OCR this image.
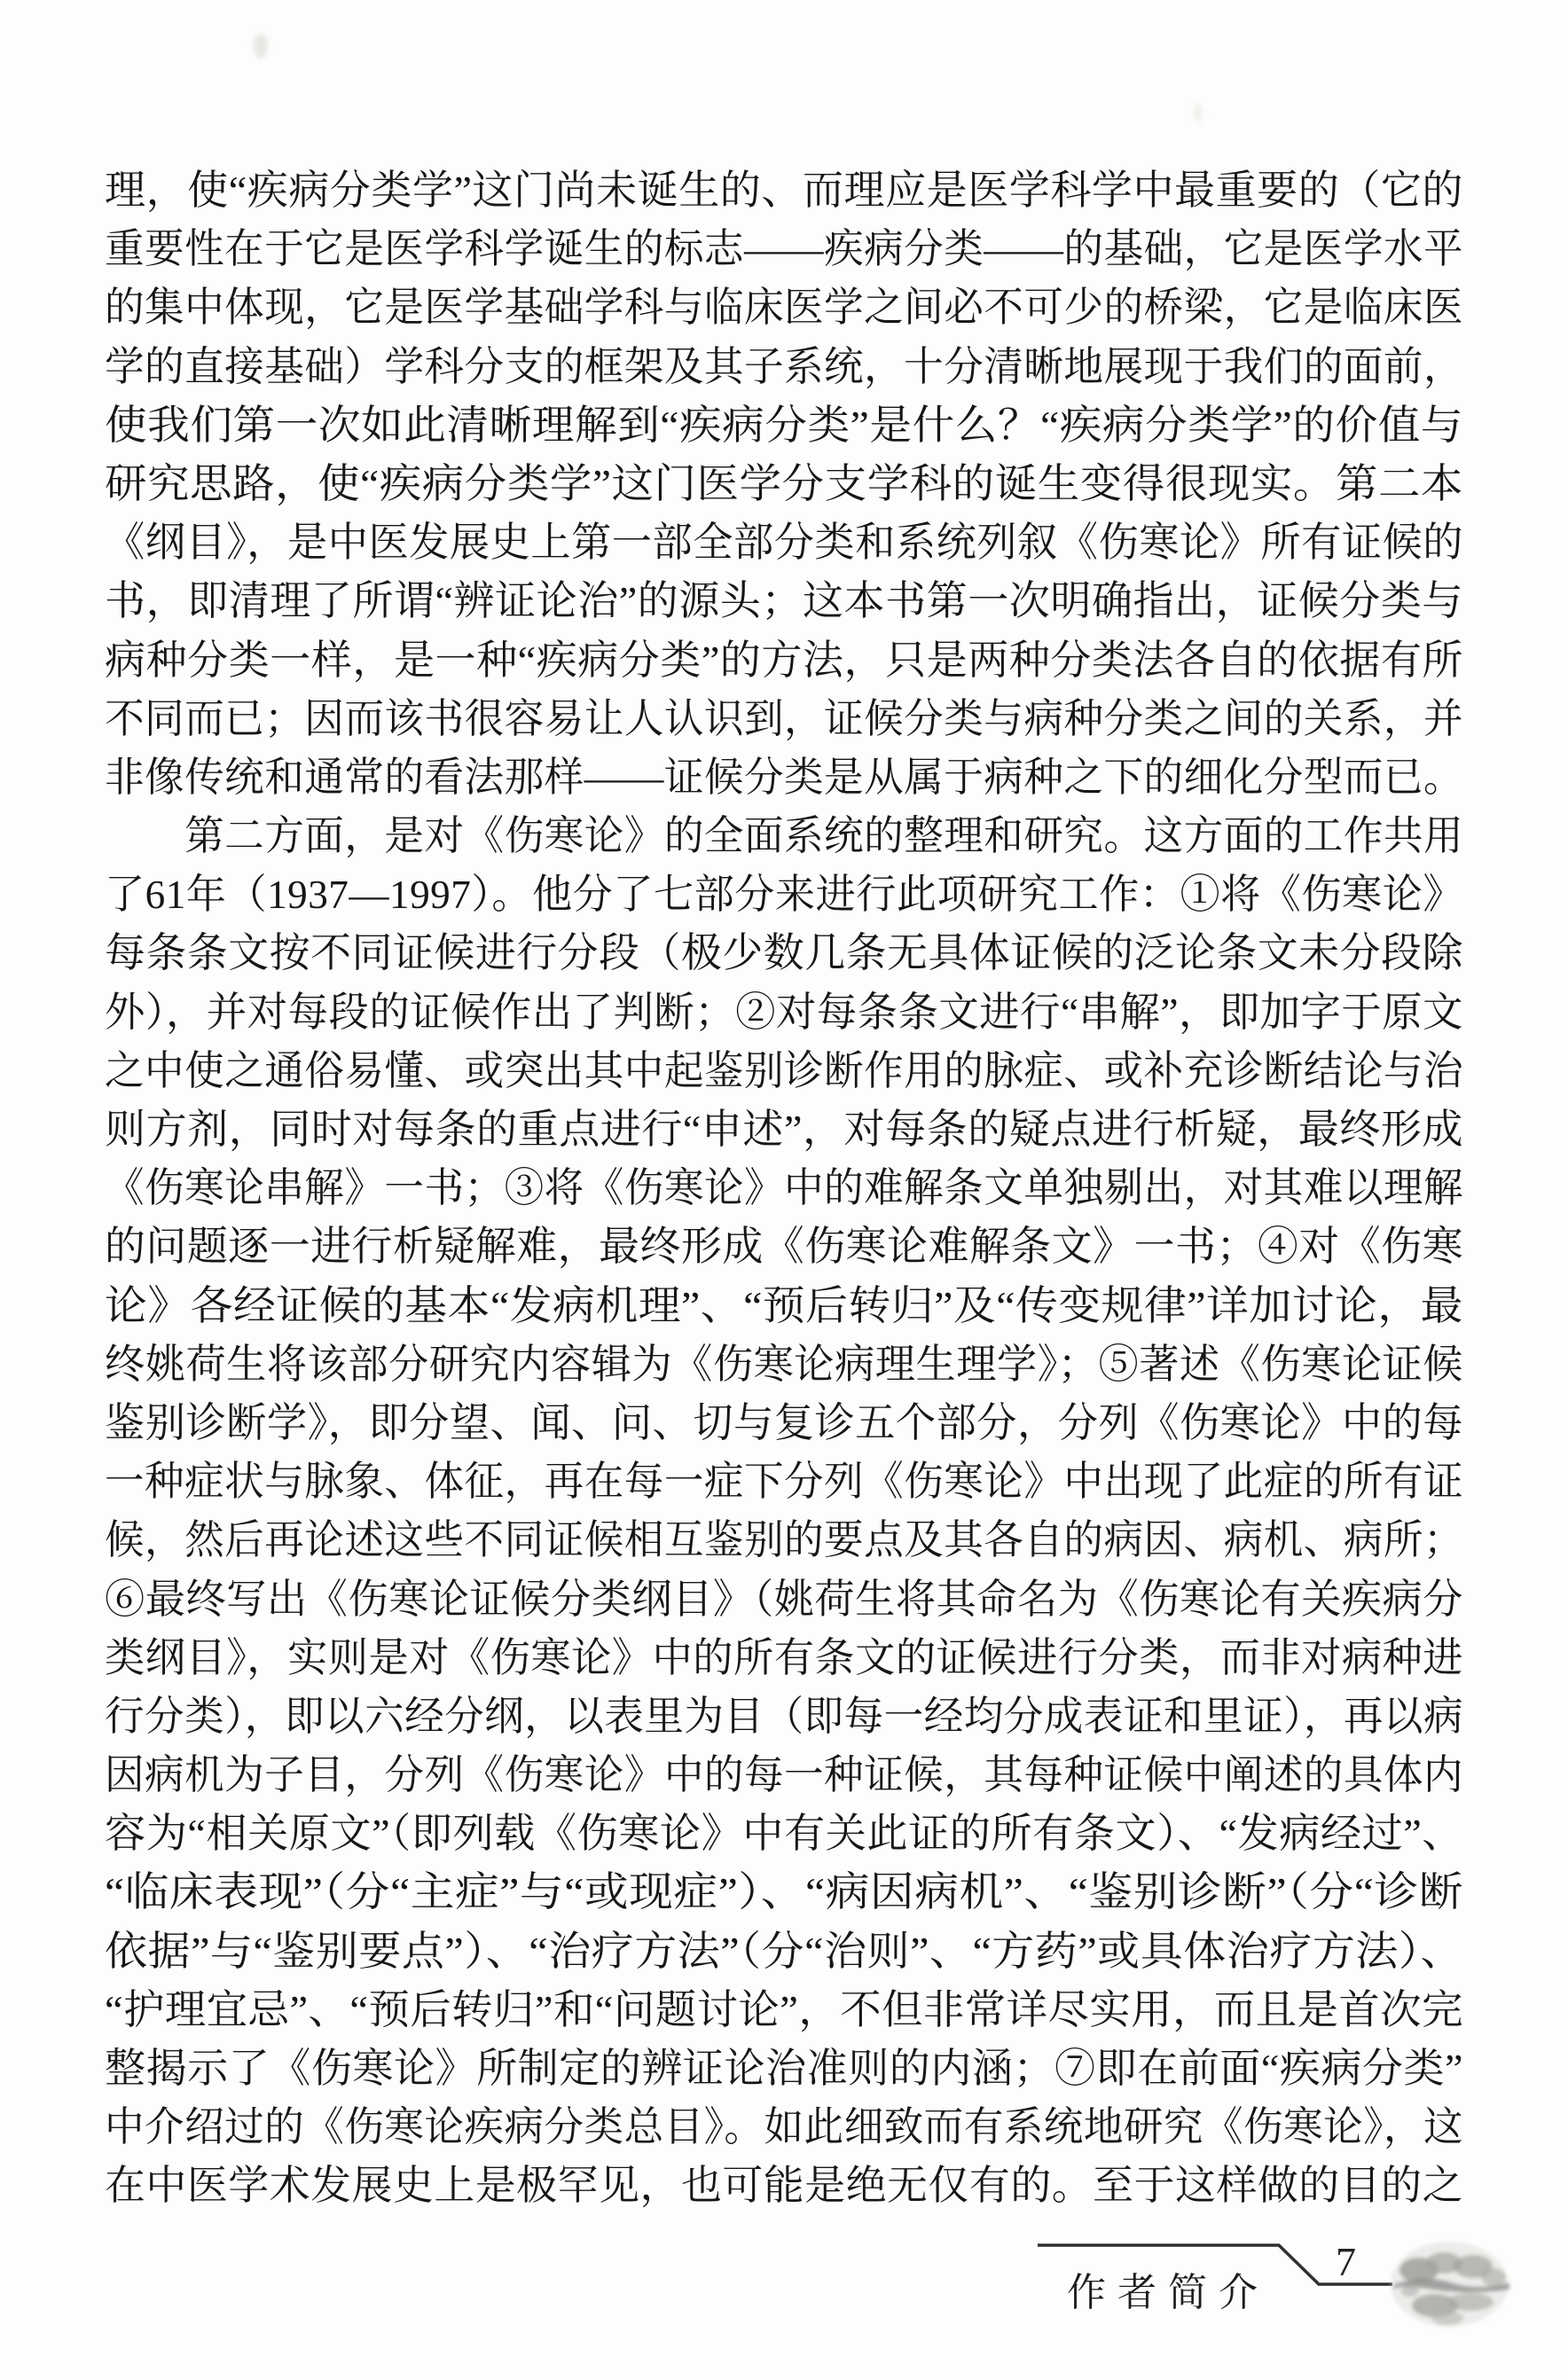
理，使“疾病分类学”这门尚未诞生的、而理应是医学科学中最重要的（它的
重要性在于它是医学科学诞生的标志——疾病分类——的基础，它是医学水平
的集中体现，它是医学基础学科与临床医学之间必不可少的桥梁，它是临床医
学的直接基础）学科分支的框架及其子系统，十分清晰地展现于我们的面前，
使我们第一次如此清晰理解到“疾病分类”是什么？“疾病分类学”的价值与
研究思路，使“疾病分类学”这门医学分支学科的诞生变得很现实。第二本
《纲目》，是中医发展史上第一部全部分类和系统列叙《伤寒论》所有证候的
书，即清理了所谓“辨证论治”的源头；这本书第一次明确指出，证候分类与
病种分类一样，是一种“疾病分类”的方法，只是两种分类法各自的依据有所
不同而已；因而该书很容易让人认识到，证候分类与病种分类之间的关系，并
非像传统和通常的看法那样——证候分类是从属于病种之下的细化分型而已。
　　第二方面，是对《伤寒论》的全面系统的整理和研究。这方面的工作共用
了61年（1937—1997）。他分了七部分来进行此项研究工作：①将《伤寒论》
每条条文按不同证候进行分段（极少数几条无具体证候的泛论条文未分段除
外），并对每段的证候作出了判断；②对每条条文进行“串解”，即加字于原文
之中使之通俗易懂、或突出其中起鉴别诊断作用的脉症、或补充诊断结论与治
则方剂，同时对每条的重点进行“申述”，对每条的疑点进行析疑，最终形成
《伤寒论串解》一书；③将《伤寒论》中的难解条文单独剔出，对其难以理解
的问题逐一进行析疑解难，最终形成《伤寒论难解条文》一书；④对《伤寒
论》各经证候的基本“发病机理”、“预后转归”及“传变规律”详加讨论，最
终姚荷生将该部分研究内容辑为《伤寒论病理生理学》；⑤著述《伤寒论证候
鉴别诊断学》，即分望、闻、问、切与复诊五个部分，分列《伤寒论》中的每
一种症状与脉象、体征，再在每一症下分列《伤寒论》中出现了此症的所有证
候，然后再论述这些不同证候相互鉴别的要点及其各自的病因、病机、病所；
⑥最终写出《伤寒论证候分类纲目》（姚荷生将其命名为《伤寒论有关疾病分
类纲目》，实则是对《伤寒论》中的所有条文的证候进行分类，而非对病种进
行分类），即以六经分纲，以表里为目（即每一经均分成表证和里证），再以病
因病机为子目，分列《伤寒论》中的每一种证候，其每种证候中阐述的具体内
容为“相关原文”（即列载《伤寒论》中有关此证的所有条文）、“发病经过”、
“临床表现”（分“主症”与“或现症”）、“病因病机”、“鉴别诊断”（分“诊断
依据”与“鉴别要点”）、“治疗方法”（分“治则”、“方药”或具体治疗方法）、
“护理宜忌”、“预后转归”和“问题讨论”，不但非常详尽实用，而且是首次完
整揭示了《伤寒论》所制定的辨证论治准则的内涵；⑦即在前面“疾病分类”
中介绍过的《伤寒论疾病分类总目》。如此细致而有系统地研究《伤寒论》，这
在中医学术发展史上是极罕见，也可能是绝无仅有的。至于这样做的目的之
作者简介
7
